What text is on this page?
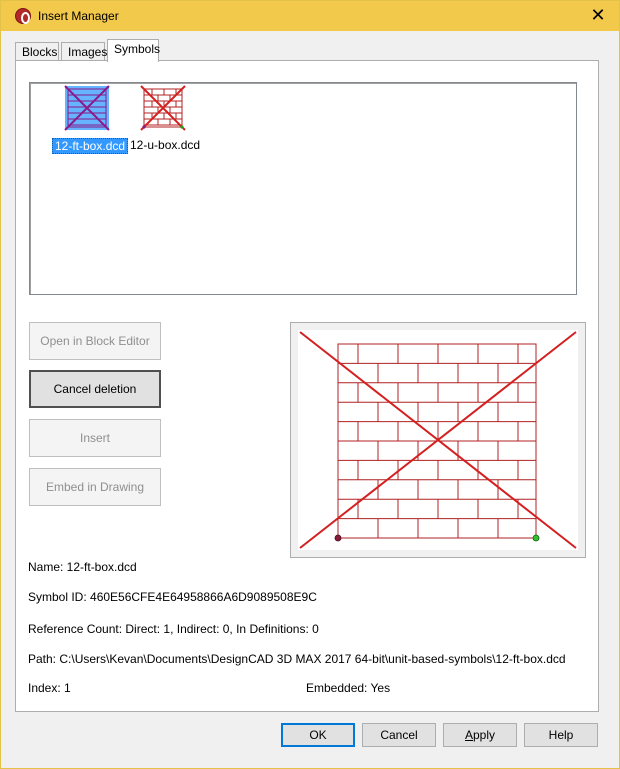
Insert Manager	✕
Blocks Images Symbols
12-ft-box.dcd 12-u-box.dcd
Open in Block Editor
Cancel deletion
Insert
Embed in Drawing
Name: 12-ft-box.dcd
Symbol ID: 460E56CFE4E64958866A6D9089508E9C
Reference Count: Direct: 1, Indirect: 0, In Definitions: 0
Path: C:\Users\Kevan\Documents\DesignCAD 3D MAX 2017 64-bit\unit-based-symbols\12-ft-box.dcd
Index: 1	Embedded: Yes
OK	Cancel	Apply	Help
